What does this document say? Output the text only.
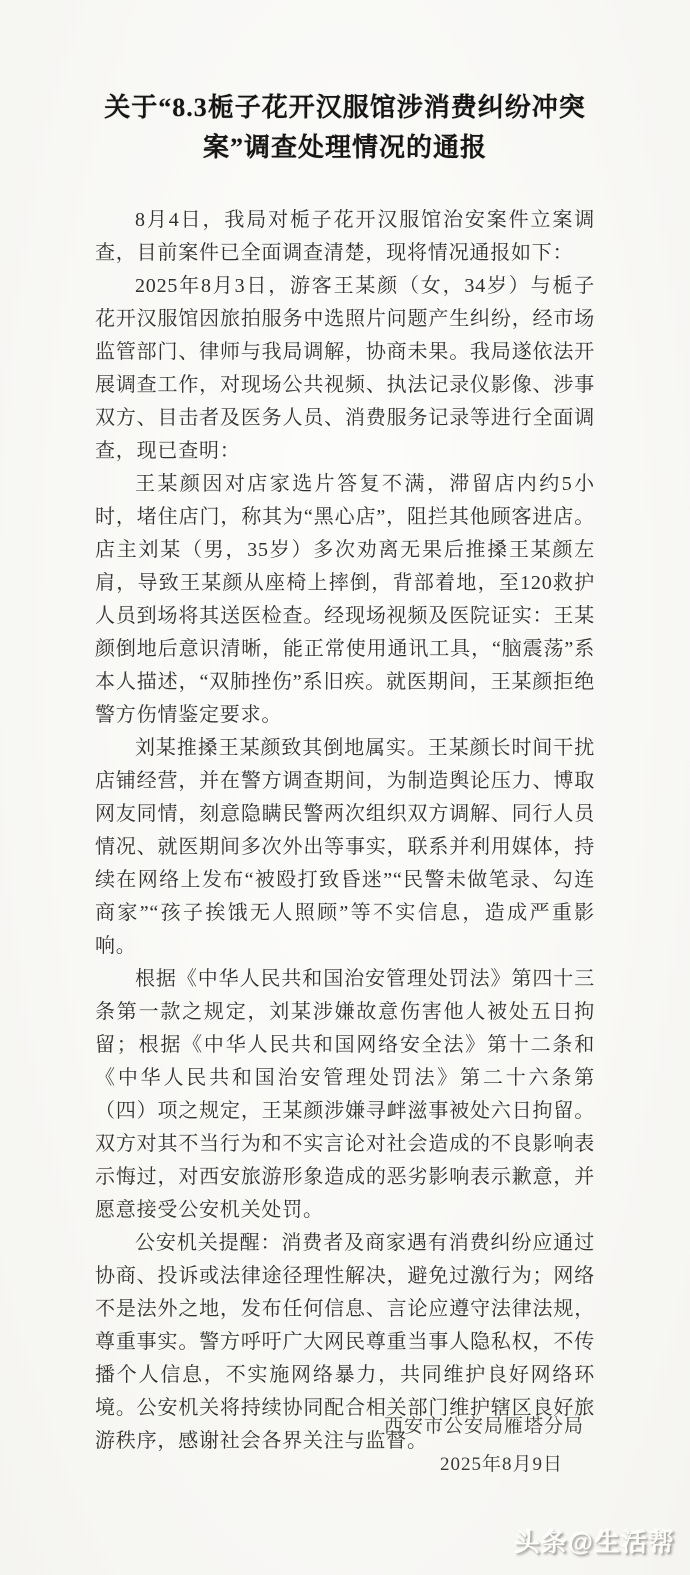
关于“8.3栀子花开汉服馆涉消费纠纷冲突案”调查处理情况的通报

8月4日，我局对栀子花开汉服馆治安案件立案调查，目前案件已全面调查清楚，现将情况通报如下：

2025年8月3日，游客王某颜（女，34岁）与栀子花开汉服馆因旅拍服务中选照片问题产生纠纷，经市场监管部门、律师与我局调解，协商未果。我局遂依法开展调查工作，对现场公共视频、执法记录仪影像、涉事双方、目击者及医务人员、消费服务记录等进行全面调查，现已查明：

王某颜因对店家选片答复不满，滞留店内约5小时，堵住店门，称其为“黑心店”，阻拦其他顾客进店。店主刘某（男，35岁）多次劝离无果后推搡王某颜左肩，导致王某颜从座椅上摔倒，背部着地，至120救护人员到场将其送医检查。经现场视频及医院证实：王某颜倒地后意识清晰，能正常使用通讯工具，“脑震荡”系本人描述，“双肺挫伤”系旧疾。就医期间，王某颜拒绝警方伤情鉴定要求。

刘某推搡王某颜致其倒地属实。王某颜长时间干扰店铺经营，并在警方调查期间，为制造舆论压力、博取网友同情，刻意隐瞒民警两次组织双方调解、同行人员情况、就医期间多次外出等事实，联系并利用媒体，持续在网络上发布“被殴打致昏迷”“民警未做笔录、勾连商家”“孩子挨饿无人照顾”等不实信息，造成严重影响。

根据《中华人民共和国治安管理处罚法》第四十三条第一款之规定，刘某涉嫌故意伤害他人被处五日拘留；根据《中华人民共和国网络安全法》第十二条和《中华人民共和国治安管理处罚法》第二十六条第（四）项之规定，王某颜涉嫌寻衅滋事被处六日拘留。双方对其不当行为和不实言论对社会造成的不良影响表示悔过，对西安旅游形象造成的恶劣影响表示歉意，并愿意接受公安机关处罚。

公安机关提醒：消费者及商家遇有消费纠纷应通过协商、投诉或法律途径理性解决，避免过激行为；网络不是法外之地，发布任何信息、言论应遵守法律法规，尊重事实。警方呼吁广大网民尊重当事人隐私权，不传播个人信息，不实施网络暴力，共同维护良好网络环境。公安机关将持续协同配合相关部门维护辖区良好旅游秩序，感谢社会各界关注与监督。

西安市公安局雁塔分局
2025年8月9日
头条@生活帮
